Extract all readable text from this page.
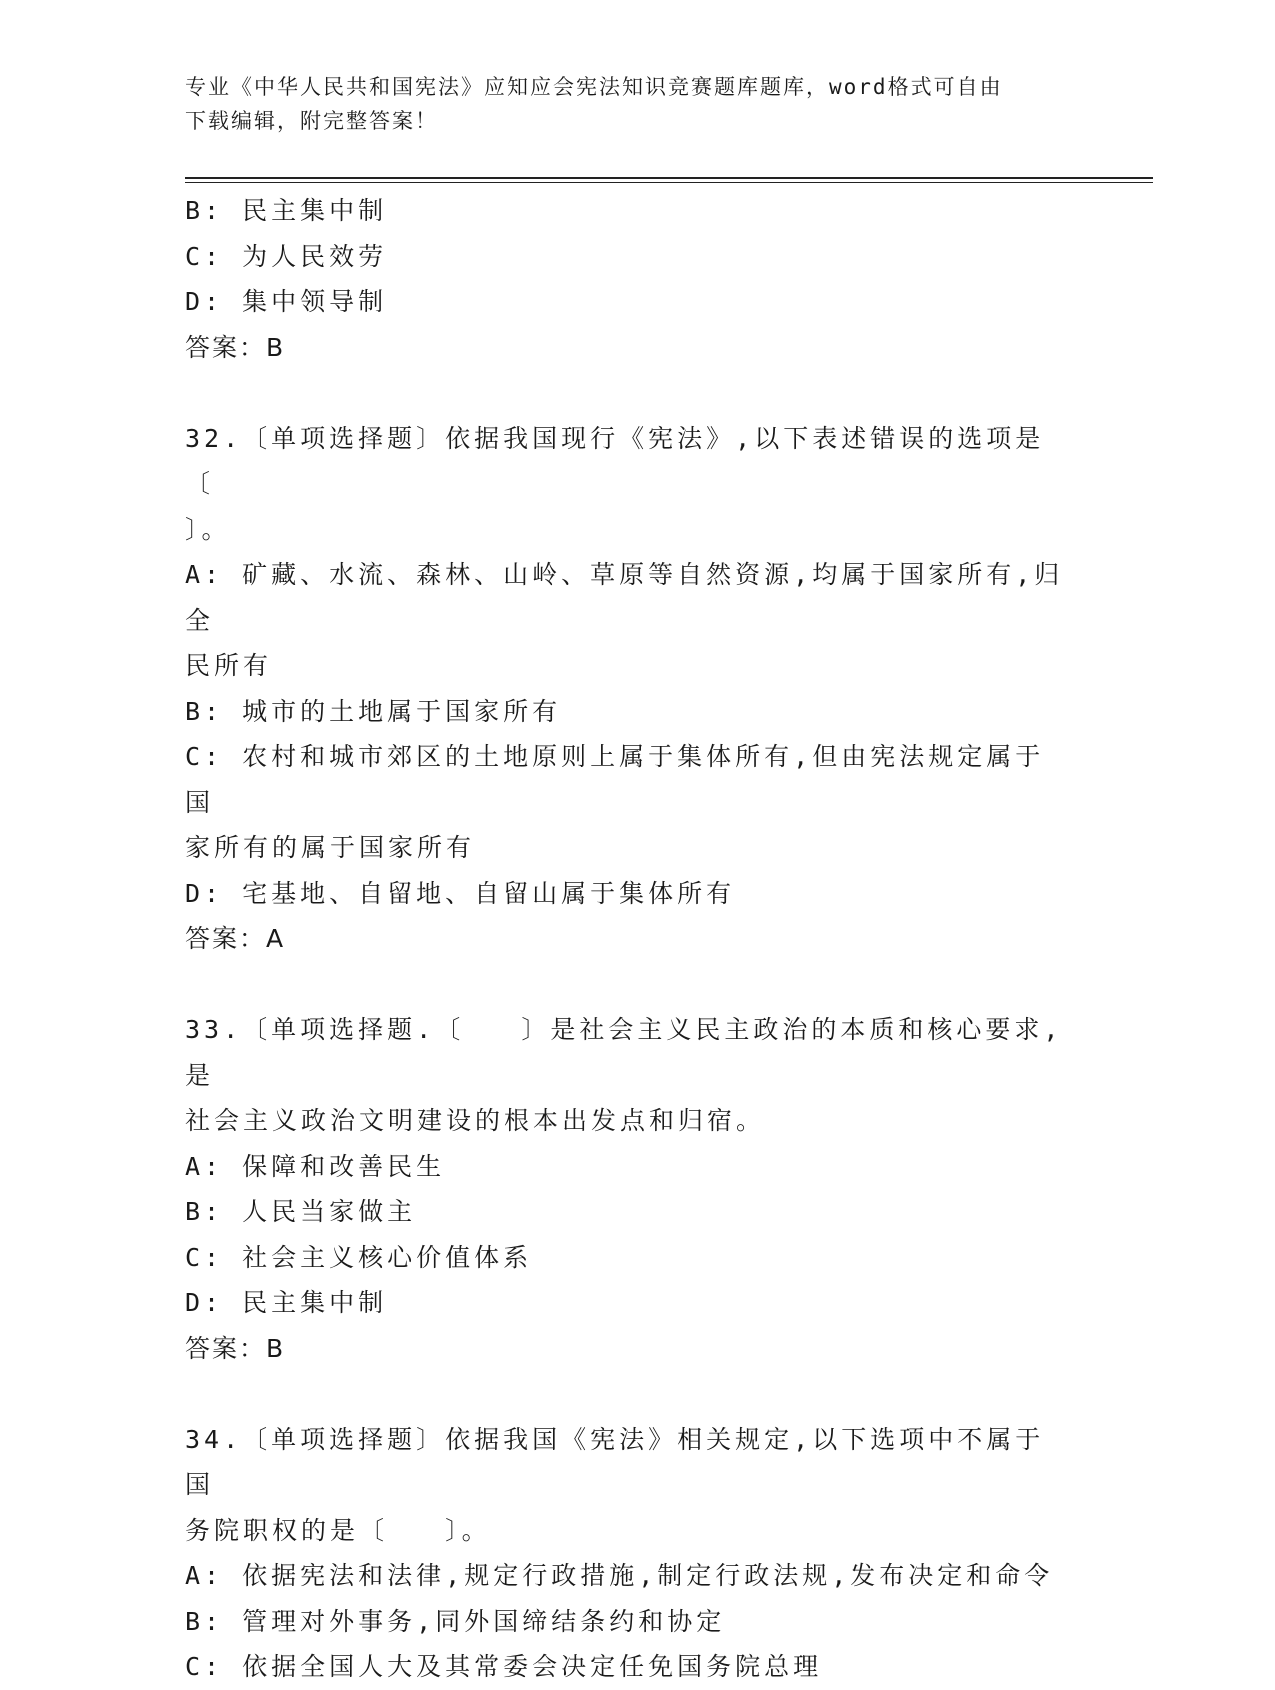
专业《中华人民共和国宪法》应知应会宪法知识竞赛题库题库，word格式可自由
下载编辑，附完整答案！
B: 民主集中制
C: 为人民效劳
D: 集中领导制
答案：B
32.〔单项选择题〕依据我国现行《宪法》,以下表述错误的选项是〔
〕。
A: 矿藏、水流、森林、山岭、草原等自然资源,均属于国家所有,归全
民所有
B: 城市的土地属于国家所有
C: 农村和城市郊区的土地原则上属于集体所有,但由宪法规定属于国
家所有的属于国家所有
D: 宅基地、自留地、自留山属于集体所有
答案：A
33.〔单项选择题.〔   〕是社会主义民主政治的本质和核心要求,是
社会主义政治文明建设的根本出发点和归宿。
A: 保障和改善民生
B: 人民当家做主
C: 社会主义核心价值体系
D: 民主集中制
答案：B
34.〔单项选择题〕依据我国《宪法》相关规定,以下选项中不属于国
务院职权的是〔   〕。
A: 依据宪法和法律,规定行政措施,制定行政法规,发布决定和命令
B: 管理对外事务,同外国缔结条约和协定
C: 依据全国人大及其常委会决定任免国务院总理
